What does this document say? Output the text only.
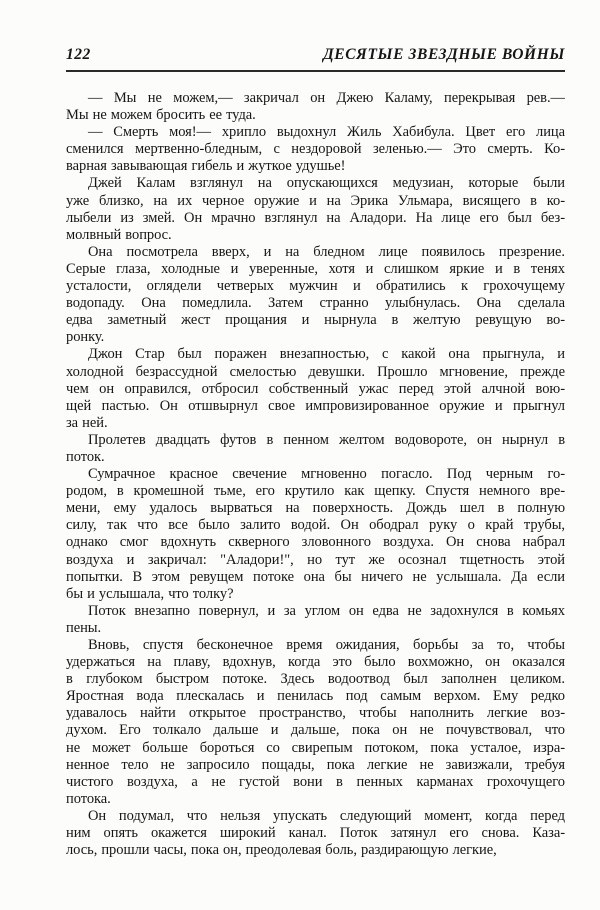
122	ДЕСЯТЫЕ ЗВЕЗДНЫЕ ВОЙНЫ
— Мы не можем,— закричал он Джею Каламу, перекрывая рев.—
Мы не можем бросить ее туда.
— Смерть моя!— хрипло выдохнул Жиль Хабибула. Цвет его лица
сменился мертвенно-бледным, с нездоровой зеленью.— Это смерть. Ко-
варная завывающая гибель и жуткое удушье!
Джей Калам взглянул на опускающихся медузиан, которые были
уже близко, на их черное оружие и на Эрика Ульмара, висящего в ко-
лыбели из змей. Он мрачно взглянул на Аладори. На лице его был без-
молвный вопрос.
Она посмотрела вверх, и на бледном лице появилось презрение.
Серые глаза, холодные и уверенные, хотя и слишком яркие и в тенях
усталости, оглядели четверых мужчин и обратились к грохочущему
водопаду. Она помедлила. Затем странно улыбнулась. Она сделала
едва заметный жест прощания и нырнула в желтую ревущую во-
ронку.
Джон Стар был поражен внезапностью, с какой она прыгнула, и
холодной безрассудной смелостью девушки. Прошло мгновение, прежде
чем он оправился, отбросил собственный ужас перед этой алчной вою-
щей пастью. Он отшвырнул свое импровизированное оружие и прыгнул
за ней.
Пролетев двадцать футов в пенном желтом водовороте, он нырнул в
поток.
Сумрачное красное свечение мгновенно погасло. Под черным го-
родом, в кромешной тьме, его крутило как щепку. Спустя немного вре-
мени, ему удалось вырваться на поверхность. Дождь шел в полную
силу, так что все было залито водой. Он ободрал руку о край трубы,
однако смог вдохнуть скверного зловонного воздуха. Он снова набрал
воздуха и закричал: "Аладори!", но тут же осознал тщетность этой
попытки. В этом ревущем потоке она бы ничего не услышала. Да если
бы и услышала, что толку?
Поток внезапно повернул, и за углом он едва не задохнулся в комьях
пены.
Вновь, спустя бесконечное время ожидания, борьбы за то, чтобы
удержаться на плаву, вдохнув, когда это было вохможно, он оказался
в глубоком быстром потоке. Здесь водоотвод был заполнен целиком.
Яростная вода плескалась и пенилась под самым верхом. Ему редко
удавалось найти открытое пространство, чтобы наполнить легкие воз-
духом. Его толкало дальше и дальше, пока он не почувствовал, что
не может больше бороться со свирепым потоком, пока усталое, изра-
ненное тело не запросило пощады, пока легкие не завизжали, требуя
чистого воздуха, а не густой вони в пенных карманах грохочущего
потока.
Он подумал, что нельзя упускать следующий момент, когда перед
ним опять окажется широкий канал. Поток затянул его снова. Каза-
лось, прошли часы, пока он, преодолевая боль, раздирающую легкие,
